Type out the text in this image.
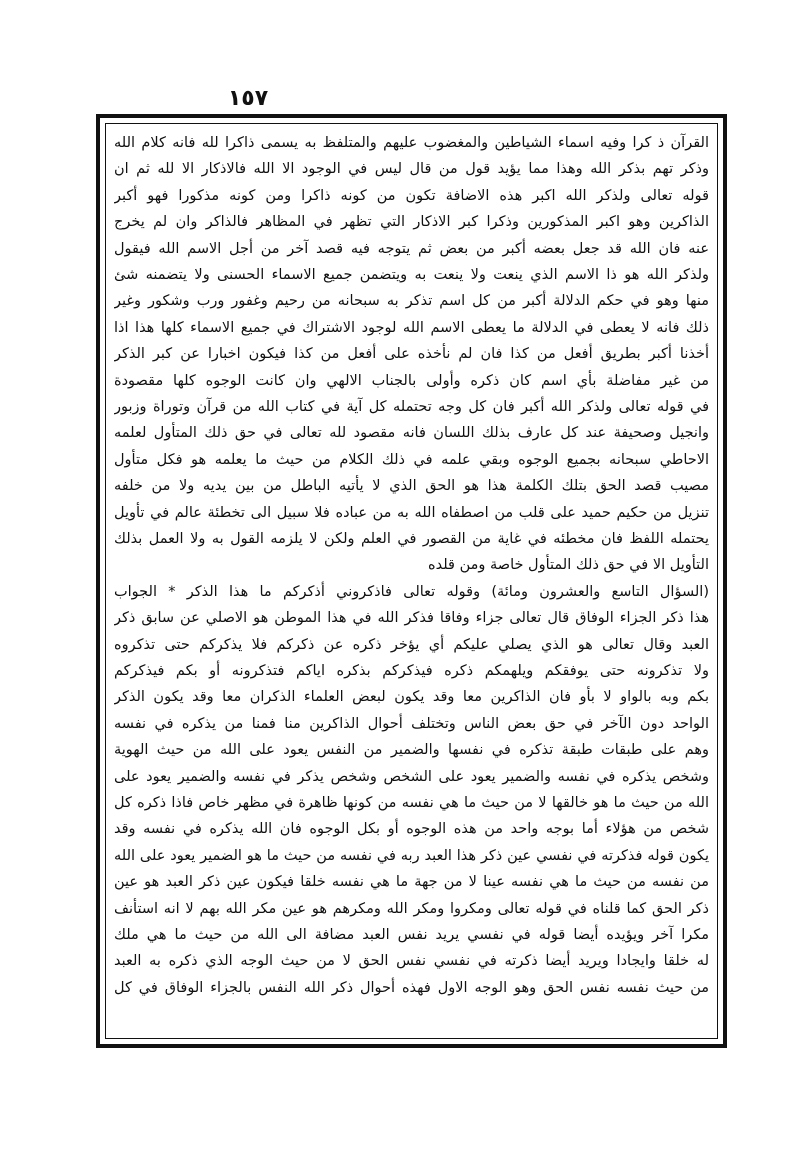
١٥٧
القرآن ذ كرا وفيه اسماء الشياطين والمغضوب عليهم والمتلفظ به يسمى ذاكرا لله فانه كلام الله
وذكر تهم بذكر الله وهذا مما يؤيد قول من قال ليس في الوجود الا الله فالاذكار الا لله ثم ان
قوله تعالى ولذكر الله اكبر هذه الاضافة تكون من كونه ذاكرا ومن كونه مذكورا فهو أكبر
الذاكرين وهو اكبر المذكورين وذكرا كبر الاذكار التي تظهر في المظاهر فالذاكر وان لم يخرج
عنه فان الله قد جعل بعضه أكبر من بعض ثم يتوجه فيه قصد آخر من أجل الاسم الله فيقول
ولذكر الله هو ذا الاسم الذي ينعت ولا ينعت به ويتضمن جميع الاسماء الحسنى ولا يتضمنه شئ
منها وهو في حكم الدلالة أكبر من كل اسم تذكر به سبحانه من رحيم وغفور ورب وشكور وغير
ذلك فانه لا يعطى في الدلالة ما يعطى الاسم الله لوجود الاشتراك في جميع الاسماء كلها هذا اذا
أخذنا أكبر بطريق أفعل من كذا فان لم نأخذه على أفعل من كذا فيكون اخبارا عن كبر الذكر
من غير مفاضلة بأي اسم كان ذكره وأولى بالجناب الالهي وان كانت الوجوه كلها مقصودة
في قوله تعالى ولذكر الله أكبر فان كل وجه تحتمله كل آية في كتاب الله من قرآن وتوراة وزبور
وانجيل وصحيفة عند كل عارف بذلك اللسان فانه مقصود لله تعالى في حق ذلك المتأول لعلمه
الاحاطي سبحانه بجميع الوجوه وبقي علمه في ذلك الكلام من حيث ما يعلمه هو فكل متأول
مصيب قصد الحق بتلك الكلمة هذا هو الحق الذي لا يأتيه الباطل من بين يديه ولا من خلفه
تنزيل من حكيم حميد على قلب من اصطفاه الله به من عباده فلا سبيل الى تخطئة عالم في تأويل
يحتمله اللفظ فان مخطئه في غاية من القصور في العلم ولكن لا يلزمه القول به ولا العمل بذلك
التأويل الا في حق ذلك المتأول خاصة ومن قلده
(السؤال التاسع والعشرون ومائة) وقوله تعالى فاذكروني أذكركم ما هذا الذكر * الجواب
هذا ذكر الجزاء الوفاق قال تعالى جزاء وفاقا فذكر الله في هذا الموطن هو الاصلي عن سابق ذكر
العبد وقال تعالى هو الذي يصلي عليكم أي يؤخر ذكره عن ذكركم فلا يذكركم حتى تذكروه
ولا تذكرونه حتى يوفقكم ويلهمكم ذكره فيذكركم بذكره اياكم فتذكرونه أو بكم فيذكركم
بكم وبه بالواو لا بأو فان الذاكرين معا وقد يكون لبعض العلماء الذكران معا وقد يكون الذكر
الواحد دون الآخر في حق بعض الناس وتختلف أحوال الذاكرين منا فمنا من يذكره في نفسه
وهم على طبقات طبقة تذكره في نفسها والضمير من النفس يعود على الله من حيث الهوية
وشخص يذكره في نفسه والضمير يعود على الشخص وشخص يذكر في نفسه والضمير يعود على
الله من حيث ما هو خالقها لا من حيث ما هي نفسه من كونها ظاهرة في مظهر خاص فاذا ذكره كل
شخص من هؤلاء أما بوجه واحد من هذه الوجوه أو بكل الوجوه فان الله يذكره في نفسه وقد
يكون قوله فذكرته في نفسي عين ذكر هذا العبد ربه في نفسه من حيث ما هو الضمير يعود على الله
من نفسه من حيث ما هي نفسه عينا لا من جهة ما هي نفسه خلقا فيكون عين ذكر العبد هو عين
ذكر الحق كما قلناه في قوله تعالى ومكروا ومكر الله ومكرهم هو عين مكر الله بهم لا انه استأنف
مكرا آخر ويؤيده أيضا قوله في نفسي يريد نفس العبد مضافة الى الله من حيث ما هي ملك
له خلقا وايجادا ويريد أيضا ذكرته في نفسي نفس الحق لا من حيث الوجه الذي ذكره به العبد
من حيث نفسه نفس الحق وهو الوجه الاول فهذه أحوال ذكر الله النفس بالجزاء الوفاق في كل
